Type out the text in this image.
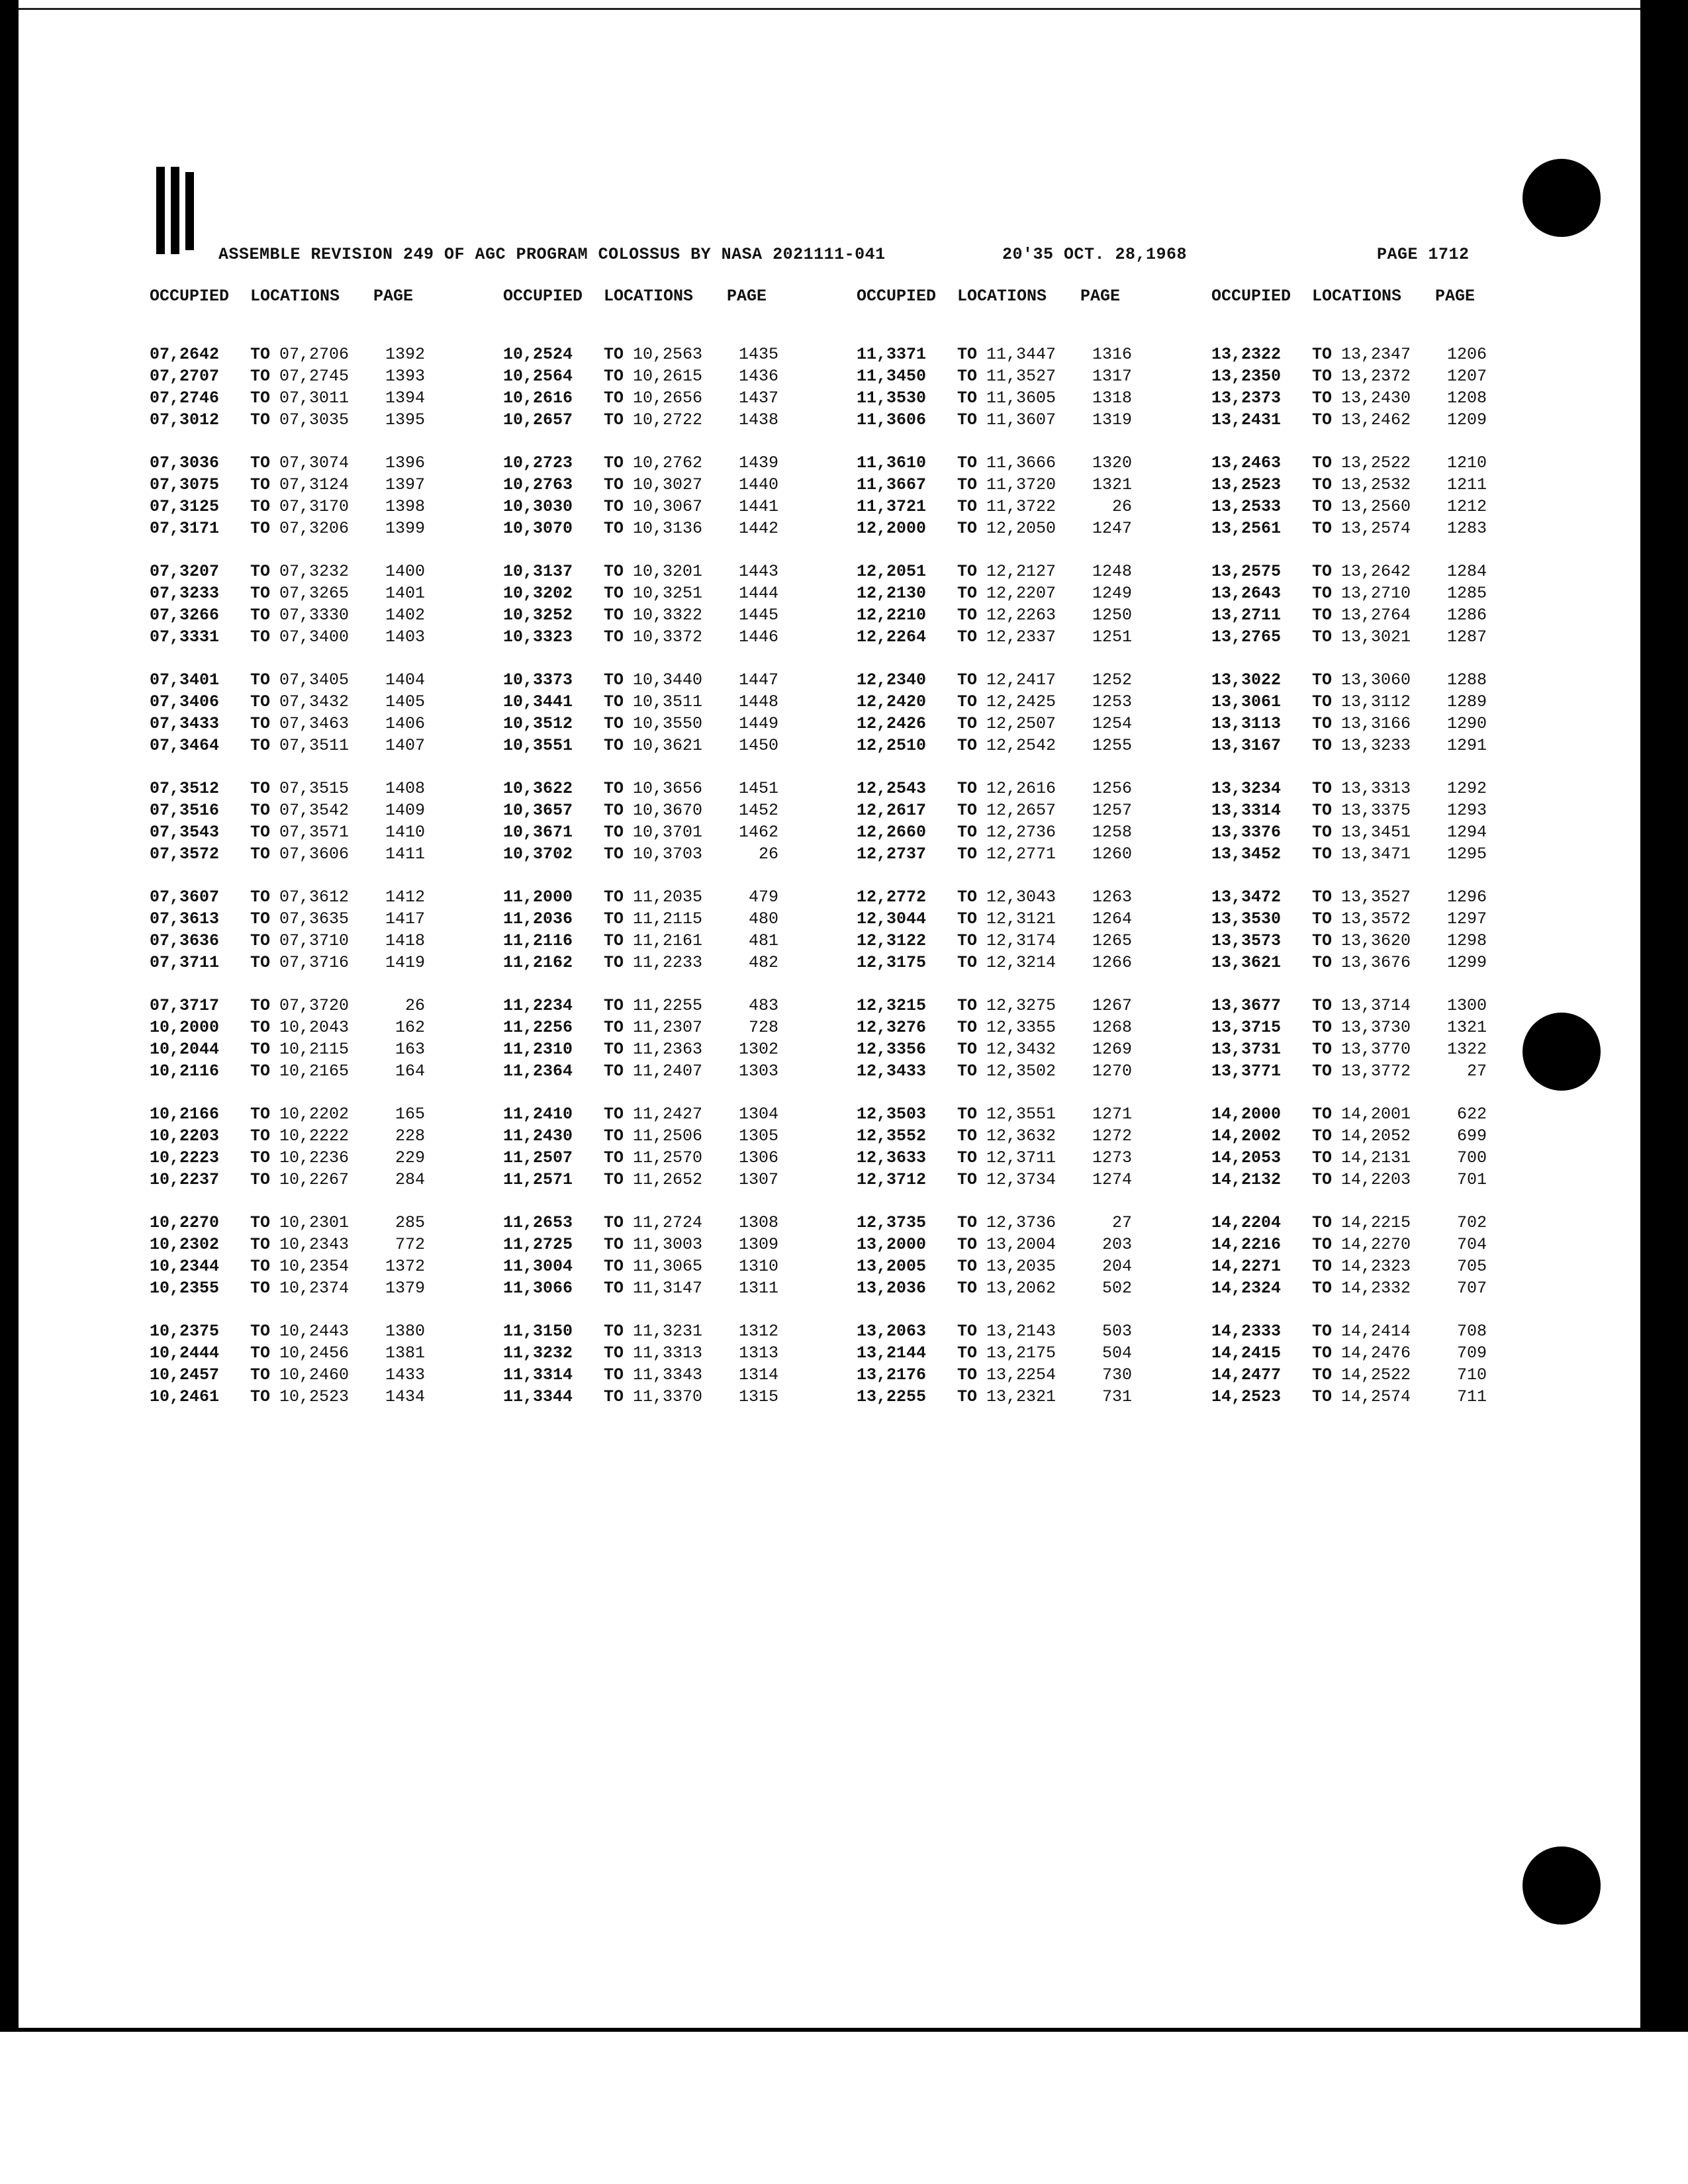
ASSEMBLE REVISION 249 OF AGC PROGRAM COLOSSUS BY NASA 2021111-041	20'35 OCT. 28,1968	PAGE 1712
OCCUPIED LOCATIONS PAGE
07,2642	TO 07,2706	1392
07,2707	TO 07,2745	1393
07,2746	TO 07,3011	1394
07,3012	TO 07,3035	1395
07,3036	TO 07,3074	1396
07,3075	TO 07,3124	1397
07,3125	TO 07,3170	1398
07,3171	TO 07,3206	1399
07,3207	TO 07,3232	1400
07,3233	TO 07,3265	1401
07,3266	TO 07,3330	1402
07,3331	TO 07,3400	1403
07,3401	TO 07,3405	1404
07,3406	TO 07,3432	1405
07,3433	TO 07,3463	1406
07,3464	TO 07,3511	1407
07,3512	TO 07,3515	1408
07,3516	TO 07,3542	1409
07,3543	TO 07,3571	1410
07,3572	TO 07,3606	1411
07,3607	TO 07,3612	1412
07,3613	TO 07,3635	1417
07,3636	TO 07,3710	1418
07,3711	TO 07,3716	1419
07,3717	TO 07,3720	26
10,2000	TO 10,2043	162
10,2044	TO 10,2115	163
10,2116	TO 10,2165	164
10,2166	TO 10,2202	165
10,2203	TO 10,2222	228
10,2223	TO 10,2236	229
10,2237	TO 10,2267	284
10,2270	TO 10,2301	285
10,2302	TO 10,2343	772
10,2344	TO 10,2354	1372
10,2355	TO 10,2374	1379
10,2375	TO 10,2443	1380
10,2444	TO 10,2456	1381
10,2457	TO 10,2460	1433
10,2461	TO 10,2523	1434
OCCUPIED LOCATIONS PAGE
10,2524	TO 10,2563	1435
10,2564	TO 10,2615	1436
10,2616	TO 10,2656	1437
10,2657	TO 10,2722	1438
10,2723	TO 10,2762	1439
10,2763	TO 10,3027	1440
10,3030	TO 10,3067	1441
10,3070	TO 10,3136	1442
10,3137	TO 10,3201	1443
10,3202	TO 10,3251	1444
10,3252	TO 10,3322	1445
10,3323	TO 10,3372	1446
10,3373	TO 10,3440	1447
10,3441	TO 10,3511	1448
10,3512	TO 10,3550	1449
10,3551	TO 10,3621	1450
10,3622	TO 10,3656	1451
10,3657	TO 10,3670	1452
10,3671	TO 10,3701	1462
10,3702	TO 10,3703	26
11,2000	TO 11,2035	479
11,2036	TO 11,2115	480
11,2116	TO 11,2161	481
11,2162	TO 11,2233	482
11,2234	TO 11,2255	483
11,2256	TO 11,2307	728
11,2310	TO 11,2363	1302
11,2364	TO 11,2407	1303
11,2410	TO 11,2427	1304
11,2430	TO 11,2506	1305
11,2507	TO 11,2570	1306
11,2571	TO 11,2652	1307
11,2653	TO 11,2724	1308
11,2725	TO 11,3003	1309
11,3004	TO 11,3065	1310
11,3066	TO 11,3147	1311
11,3150	TO 11,3231	1312
11,3232	TO 11,3313	1313
11,3314	TO 11,3343	1314
11,3344	TO 11,3370	1315
OCCUPIED LOCATIONS PAGE
11,3371	TO 11,3447	1316
11,3450	TO 11,3527	1317
11,3530	TO 11,3605	1318
11,3606	TO 11,3607	1319
11,3610	TO 11,3666	1320
11,3667	TO 11,3720	1321
11,3721	TO 11,3722	26
12,2000	TO 12,2050	1247
12,2051	TO 12,2127	1248
12,2130	TO 12,2207	1249
12,2210	TO 12,2263	1250
12,2264	TO 12,2337	1251
12,2340	TO 12,2417	1252
12,2420	TO 12,2425	1253
12,2426	TO 12,2507	1254
12,2510	TO 12,2542	1255
12,2543	TO 12,2616	1256
12,2617	TO 12,2657	1257
12,2660	TO 12,2736	1258
12,2737	TO 12,2771	1260
12,2772	TO 12,3043	1263
12,3044	TO 12,3121	1264
12,3122	TO 12,3174	1265
12,3175	TO 12,3214	1266
12,3215	TO 12,3275	1267
12,3276	TO 12,3355	1268
12,3356	TO 12,3432	1269
12,3433	TO 12,3502	1270
12,3503	TO 12,3551	1271
12,3552	TO 12,3632	1272
12,3633	TO 12,3711	1273
12,3712	TO 12,3734	1274
12,3735	TO 12,3736	27
13,2000	TO 13,2004	203
13,2005	TO 13,2035	204
13,2036	TO 13,2062	502
13,2063	TO 13,2143	503
13,2144	TO 13,2175	504
13,2176	TO 13,2254	730
13,2255	TO 13,2321	731
OCCUPIED LOCATIONS PAGE
13,2322	TO 13,2347	1206
13,2350	TO 13,2372	1207
13,2373	TO 13,2430	1208
13,2431	TO 13,2462	1209
13,2463	TO 13,2522	1210
13,2523	TO 13,2532	1211
13,2533	TO 13,2560	1212
13,2561	TO 13,2574	1283
13,2575	TO 13,2642	1284
13,2643	TO 13,2710	1285
13,2711	TO 13,2764	1286
13,2765	TO 13,3021	1287
13,3022	TO 13,3060	1288
13,3061	TO 13,3112	1289
13,3113	TO 13,3166	1290
13,3167	TO 13,3233	1291
13,3234	TO 13,3313	1292
13,3314	TO 13,3375	1293
13,3376	TO 13,3451	1294
13,3452	TO 13,3471	1295
13,3472	TO 13,3527	1296
13,3530	TO 13,3572	1297
13,3573	TO 13,3620	1298
13,3621	TO 13,3676	1299
13,3677	TO 13,3714	1300
13,3715	TO 13,3730	1321
13,3731	TO 13,3770	1322
13,3771	TO 13,3772	27
14,2000	TO 14,2001	622
14,2002	TO 14,2052	699
14,2053	TO 14,2131	700
14,2132	TO 14,2203	701
14,2204	TO 14,2215	702
14,2216	TO 14,2270	704
14,2271	TO 14,2323	705
14,2324	TO 14,2332	707
14,2333	TO 14,2414	708
14,2415	TO 14,2476	709
14,2477	TO 14,2522	710
14,2523	TO 14,2574	711
